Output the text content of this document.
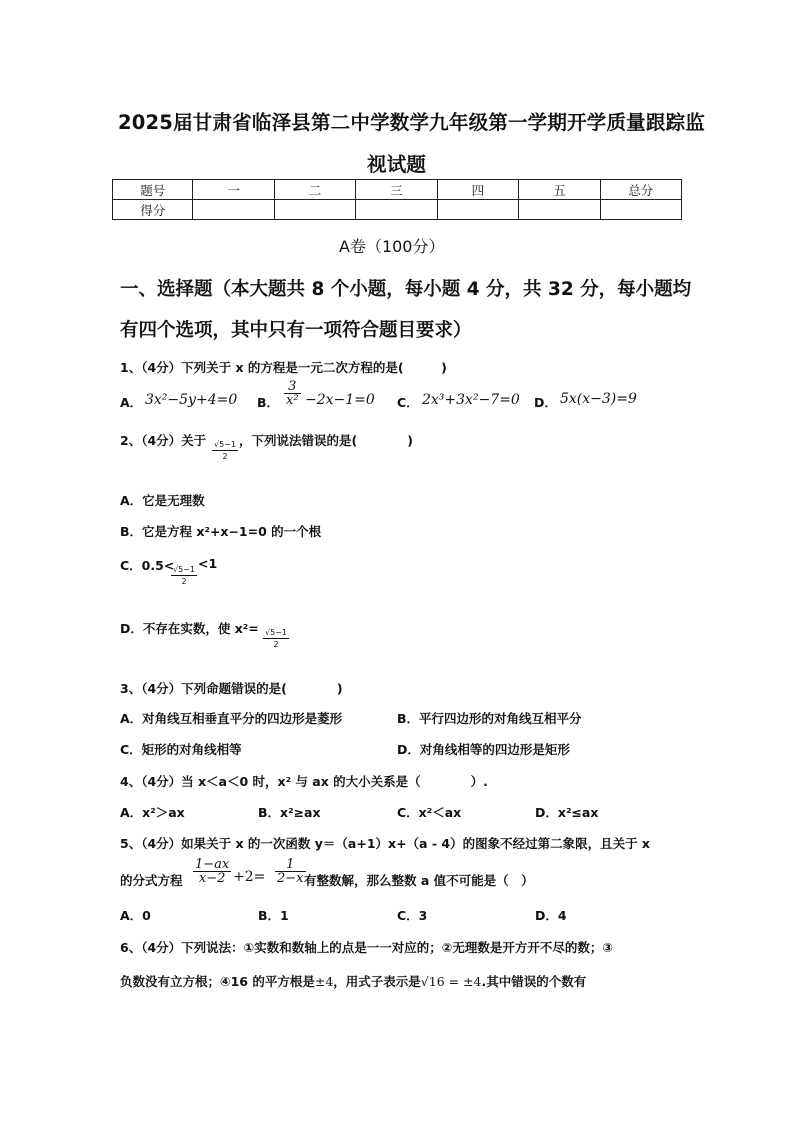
2025届甘肃省临泽县第二中学数学九年级第一学期开学质量跟踪监
视试题
题号	一	二	三	四	五	总分
得分						
A卷（100分）
一、选择题（本大题共 8 个小题，每小题 4 分，共 32 分，每小题均
有四个选项，其中只有一项符合题目要求）
1、（4分）下列关于 x 的方程是一元二次方程的是(　　　)
A． 3x²−5y+4=0 B． $\frac{3}{\text{x²}} -2x-1=0$ C． 2x³+3x²−7=0 D． 5x(x−3)=9
2、（4分）关于
$\frac{√5-1}{2}$
，下列说法错误的是(　　　　)
A．它是无理数
B．它是方程 x²+x−1=0 的一个根
C．0.5<
$\frac{√5-1}{2}$
<1
D．不存在实数，使 x²=
$\frac{√5-1}{2}$
3、（4分）下列命题错误的是(　　　　)
A．对角线互相垂直平分的四边形是菱形	B．平行四边形的对角线互相平分
C．矩形的对角线相等	D．对角线相等的四边形是矩形
4、（4分）当 x＜a＜0 时，x² 与 ax 的大小关系是（　　　　）.
A．x²＞ax	B．x²≥ax	C．x²＜ax	D．x²≤ax
5、（4分）如果关于 x 的一次函数 y＝（a+1）x+（a - 4）的图象不经过第二象限，且关于 x
的分式方程 $\frac{1-ax}{x-2} +2= \frac{1}{2-x}$
有整数解，那么整数 a 值不可能是（　）
A．0	B．1	C．3	D．4
6、（4分）下列说法：①实数和数轴上的点是一一对应的；②无理数是开方开不尽的数；③
负数没有立方根；④16 的平方根是±4，用式子表示是√16 = ±4.其中错误的个数有
